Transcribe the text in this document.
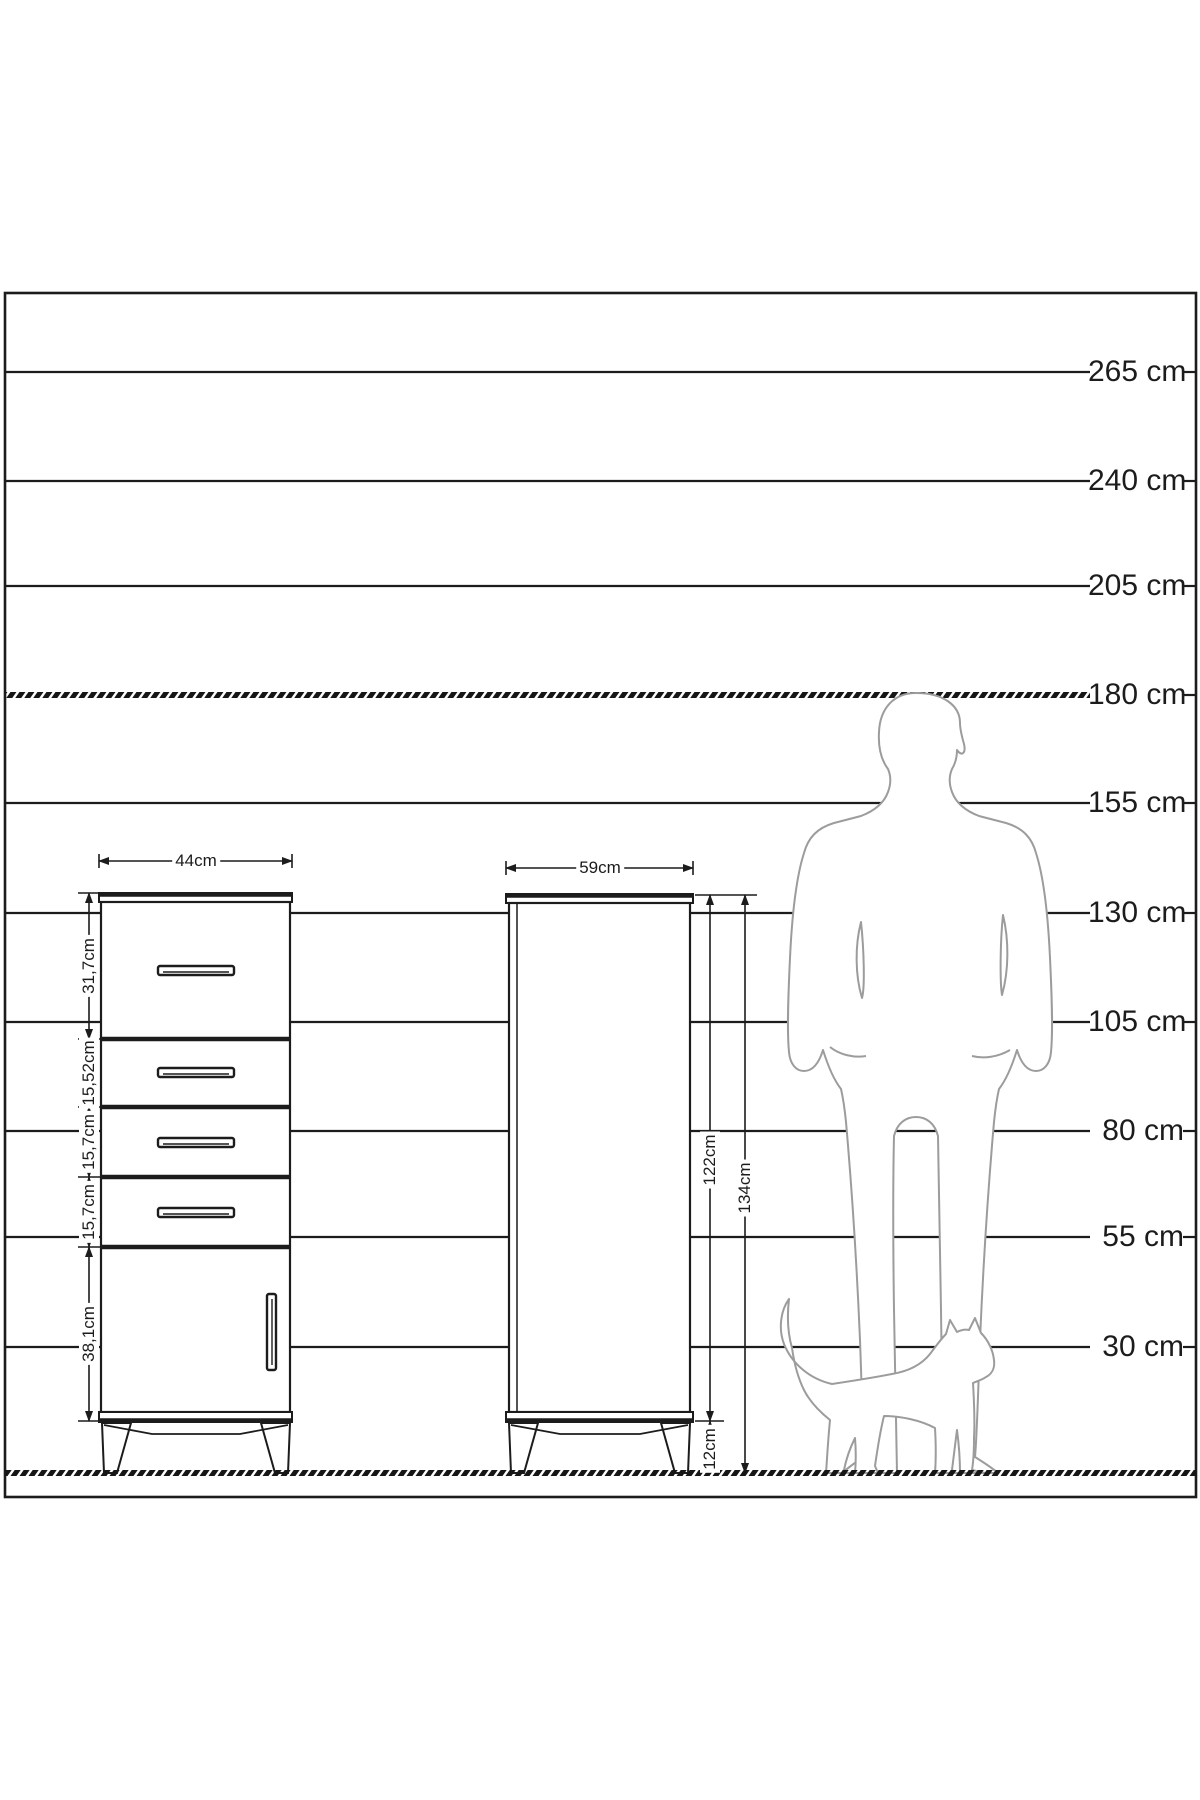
265 cm
240 cm
205 cm
180 cm
155 cm
130 cm
105 cm
80 cm
55 cm
30 cm
44cm
31,7cm
15,52cm
15,7cm
15,7cm
38,1cm
59cm
122cm
134cm
12cm
